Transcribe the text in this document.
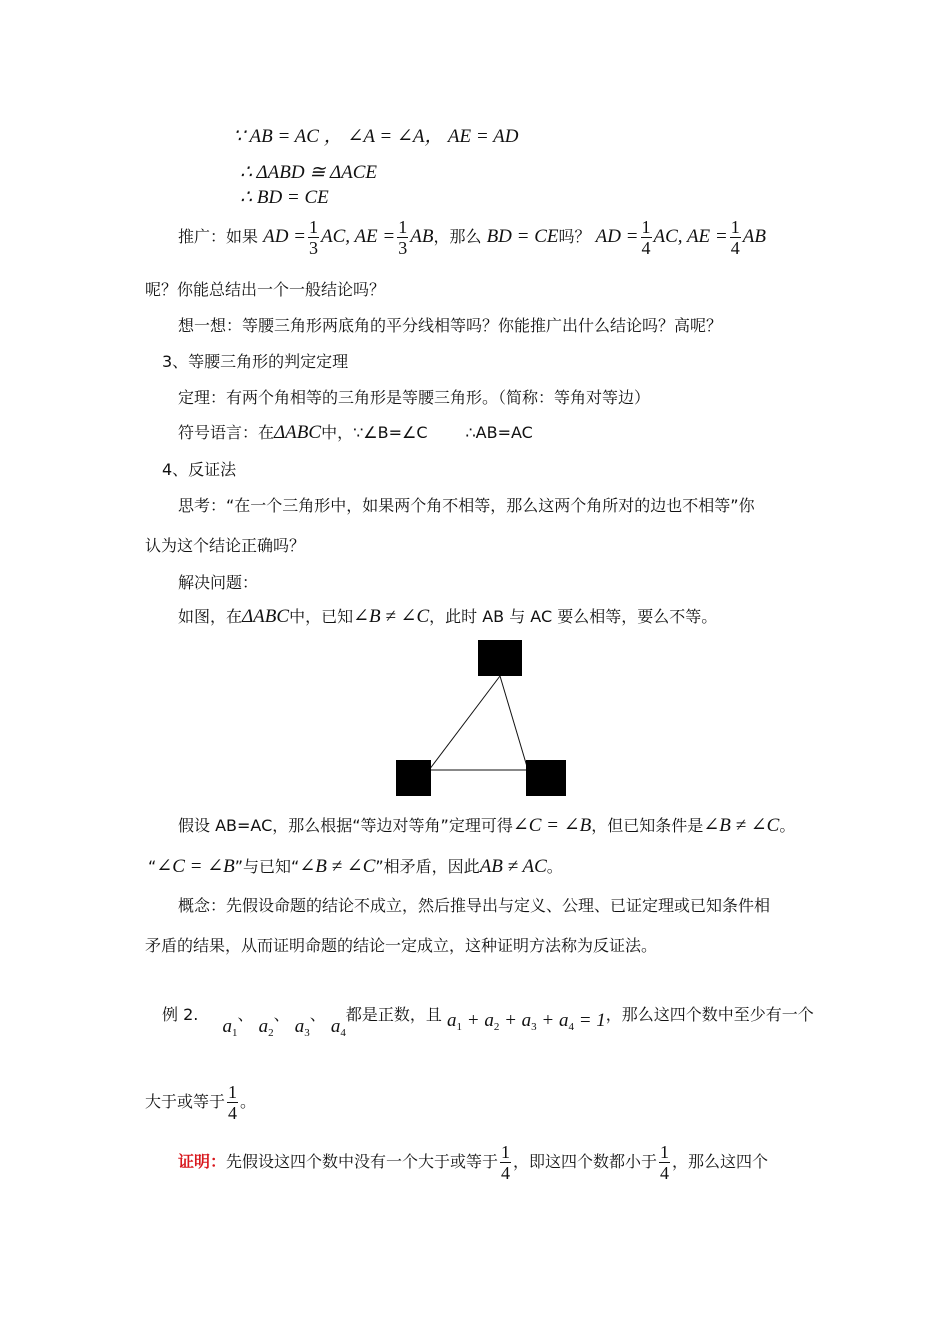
∵ AB = AC ， ∠A = ∠A， AE = AD
∴ ΔABD ≅ ΔACE
∴ BD = CE
推广：如果 AD = $\frac{1}{3}$ AC, AE = $\frac{1}{3}$ AB，那么 BD = CE吗？ AD = $\frac{1}{4}$ AC, AE = $\frac{1}{4}$ AB
呢？你能总结出一个一般结论吗？
想一想：等腰三角形两底角的平分线相等吗？你能推广出什么结论吗？高呢？
3、等腰三角形的判定定理
定理：有两个角相等的三角形是等腰三角形。（简称：等角对等边）
符号语言：在ΔABC中，∵∠B=∠C ∴AB=AC
4、反证法
思考：“在一个三角形中，如果两个角不相等，那么这两个角所对的边也不相等”你
认为这个结论正确吗？
解决问题：
如图，在ΔABC中，已知∠B ≠ ∠C，此时 AB 与 AC 要么相等，要么不等。
假设 AB=AC，那么根据“等边对等角”定理可得∠C = ∠B，但已知条件是∠B ≠ ∠C。
“∠C = ∠B”与已知“∠B ≠ ∠C”相矛盾，因此AB ≠ AC。
概念：先假设命题的结论不成立，然后推导出与定义、公理、已证定理或已知条件相
矛盾的结果，从而证明命题的结论一定成立，这种证明方法称为反证法。
例 2.  $a_1$、 $a_2$、 $a_3$、 $a_4$都是正数，且 $a_1 + a_2 + a_3 + a_4 = 1$，那么这四个数中至少有一个
大于或等于 $\frac{1}{4}$ 。
证明：先假设这四个数中没有一个大于或等于 $\frac{1}{4}$ ，即这四个数都小于 $\frac{1}{4}$ ，那么这四个
